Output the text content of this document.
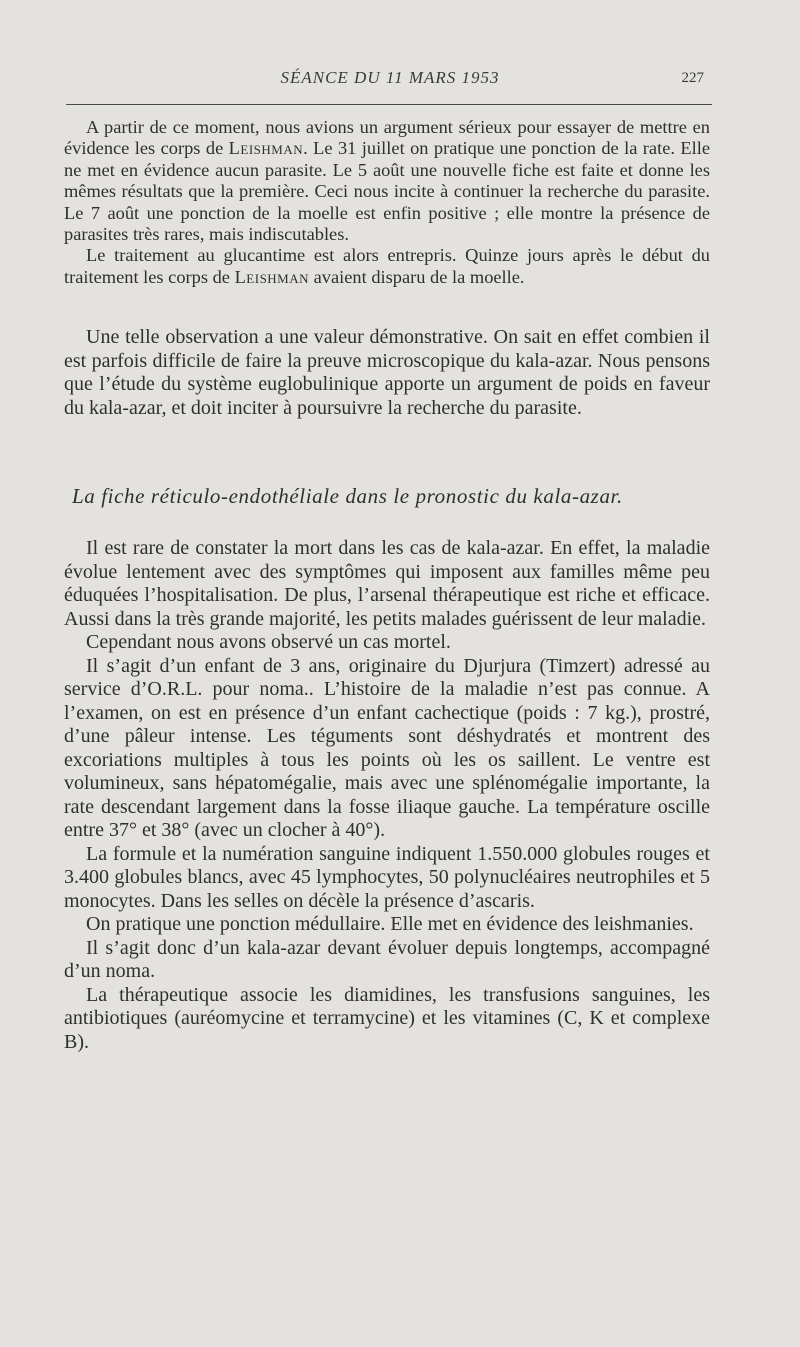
SÉANCE DU 11 MARS 1953	227

A partir de ce moment, nous avions un argument sérieux pour essayer de mettre en évidence les corps de Leishman. Le 31 juillet on pratique une ponction de la rate. Elle ne met en évidence aucun parasite. Le 5 août une nouvelle fiche est faite et donne les mêmes résultats que la première. Ceci nous incite à continuer la recherche du parasite. Le 7 août une ponction de la moelle est enfin positive ; elle montre la présence de parasites très rares, mais indiscutables.

Le traitement au glucantime est alors entrepris. Quinze jours après le début du traitement les corps de Leishman avaient disparu de la moelle.

Une telle observation a une valeur démonstrative. On sait en effet combien il est parfois difficile de faire la preuve microscopique du kala-azar. Nous pensons que l’étude du système euglobulinique apporte un argument de poids en faveur du kala-azar, et doit inciter à poursuivre la recherche du parasite.

La fiche réticulo-endothéliale dans le pronostic du kala-azar.

Il est rare de constater la mort dans les cas de kala-azar. En effet, la maladie évolue lentement avec des symptômes qui imposent aux familles même peu éduquées l’hospitalisation. De plus, l’arsenal thérapeutique est riche et efficace. Aussi dans la très grande majorité, les petits malades guérissent de leur maladie.

Cependant nous avons observé un cas mortel.

Il s’agit d’un enfant de 3 ans, originaire du Djurjura (Timzert) adressé au service d’O.R.L. pour noma.. L’histoire de la maladie n’est pas connue. A l’examen, on est en présence d’un enfant cachectique (poids : 7 kg.), prostré, d’une pâleur intense. Les téguments sont déshydratés et montrent des excoriations multiples à tous les points où les os saillent. Le ventre est volumineux, sans hépatomégalie, mais avec une splénomégalie importante, la rate descendant largement dans la fosse iliaque gauche. La température oscille entre 37° et 38° (avec un clocher à 40°).

La formule et la numération sanguine indiquent 1.550.000 globules rouges et 3.400 globules blancs, avec 45 lymphocytes, 50 polynucléaires neutrophiles et 5 monocytes. Dans les selles on décèle la présence d’ascaris.

On pratique une ponction médullaire. Elle met en évidence des leishmanies.

Il s’agit donc d’un kala-azar devant évoluer depuis longtemps, accompagné d’un noma.

La thérapeutique associe les diamidines, les transfusions sanguines, les antibiotiques (auréomycine et terramycine) et les vitamines (C, K et complexe B).
